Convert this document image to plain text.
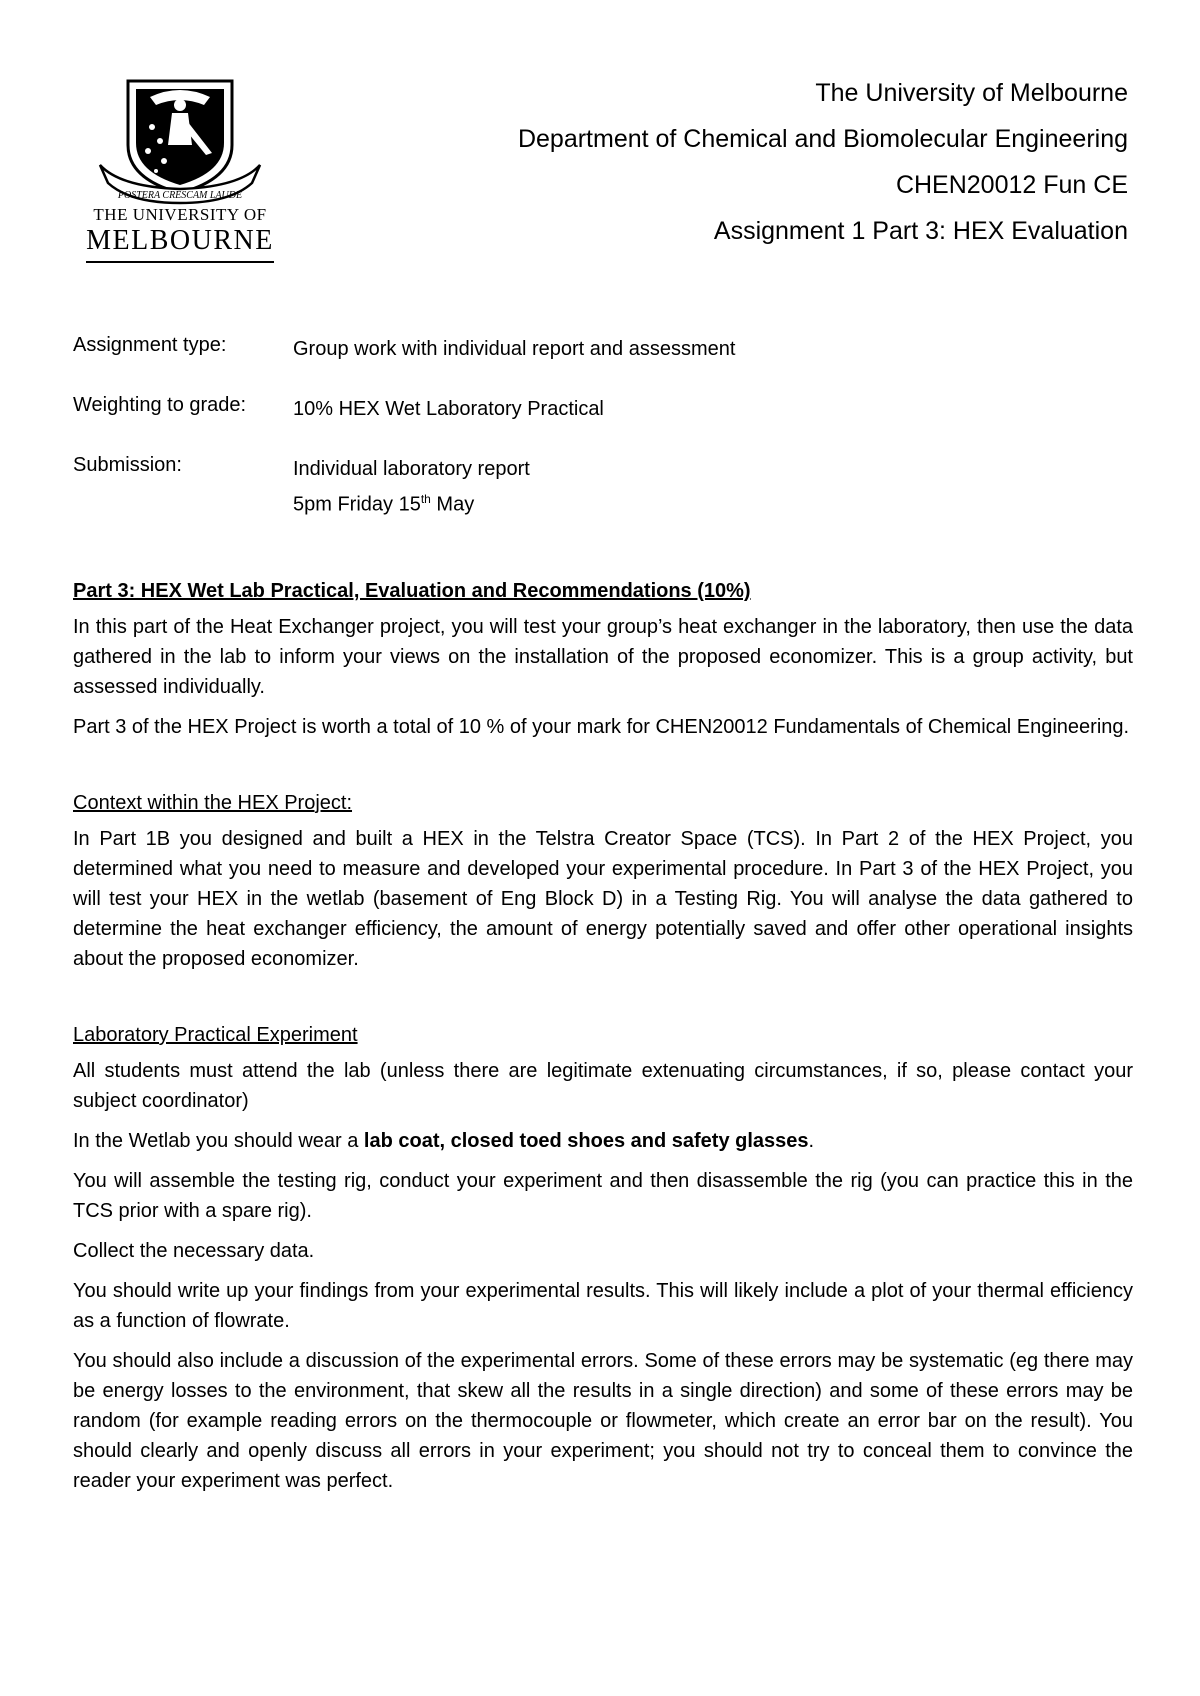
POSTERA CRESCAM LAUDE
THE UNIVERSITY OF
MELBOURNE
The University of Melbourne
Department of Chemical and Biomolecular Engineering
CHEN20012 Fun CE
Assignment 1 Part 3: HEX Evaluation
Assignment type:	Group work with individual report and assessment
Weighting to grade:	10% HEX Wet Laboratory Practical
Submission:	Individual laboratory report
5pm Friday 15th May
Part 3: HEX Wet Lab Practical, Evaluation and Recommendations (10%)

In this part of the Heat Exchanger project, you will test your group’s heat exchanger in the laboratory, then use the data gathered in the lab to inform your views on the installation of the proposed economizer. This is a group activity, but assessed individually.

Part 3 of the HEX Project is worth a total of 10 % of your mark for CHEN20012 Fundamentals of Chemical Engineering.

Context within the HEX Project:

In Part 1B you designed and built a HEX in the Telstra Creator Space (TCS). In Part 2 of the HEX Project, you determined what you need to measure and developed your experimental procedure. In Part 3 of the HEX Project, you will test your HEX in the wetlab (basement of Eng Block D) in a Testing Rig. You will analyse the data gathered to determine the heat exchanger efficiency, the amount of energy potentially saved and offer other operational insights about the proposed economizer.

Laboratory Practical Experiment

All students must attend the lab (unless there are legitimate extenuating circumstances, if so, please contact your subject coordinator)

In the Wetlab you should wear a lab coat, closed toed shoes and safety glasses.

You will assemble the testing rig, conduct your experiment and then disassemble the rig (you can practice this in the TCS prior with a spare rig).

Collect the necessary data.

You should write up your findings from your experimental results. This will likely include a plot of your thermal efficiency as a function of flowrate.

You should also include a discussion of the experimental errors. Some of these errors may be systematic (eg there may be energy losses to the environment, that skew all the results in a single direction) and some of these errors may be random (for example reading errors on the thermocouple or flowmeter, which create an error bar on the result). You should clearly and openly discuss all errors in your experiment; you should not try to conceal them to convince the reader your experiment was perfect.
